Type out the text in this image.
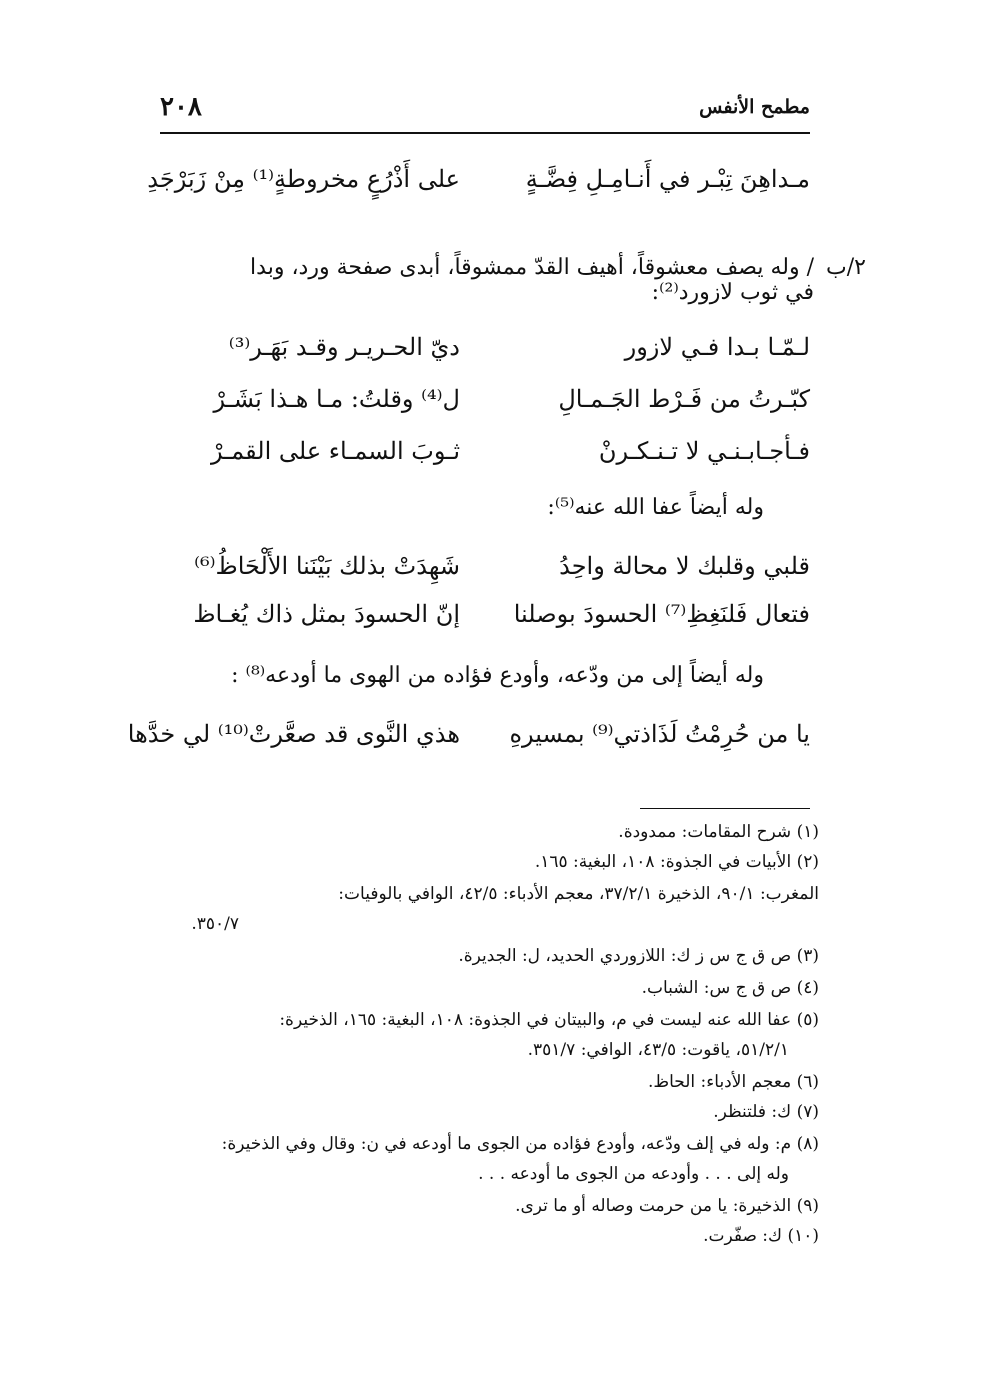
٢٠٨	مطمح الأنفس
مـداهِنَ تِبْـر في أَنـامِـلِ فِضَّـةٍ
على أَذْرُعٍ مخروطةٍ⁽¹⁾ مِنْ زَبَرْجَدِ
٢/ب
/ وله يصف معشوقاً، أهيف القدّ ممشوقاً، أبدى صفحة ورد، وبدا
في ثوب لازورد⁽²⁾:
لـمّـا بـدا فـي لازور
ديّ الحـريـر وقـد بَهَـر⁽³⁾
كبّـرتُ من فَـرْط الجَـمـالِ
ل⁽⁴⁾ وقلتُ: مـا هـذا بَشَـرْ
فـأجـابـنـي لا تـنـكـرنْ
ثـوبَ السمـاء على القمـرْ
وله أيضاً عفا الله عنه⁽⁵⁾:
قلبي وقلبك لا محالة واحِدُ
شَهِدَتْ بذلك بَيْنَنا الأَلْحَاظُ⁽⁶⁾
فتعال فَلنَغِظِ⁽⁷⁾ الحسودَ بوصلنا
إنّ الحسودَ بمثل ذاك يُغـاظ
وله أيضاً إلى من ودّعه، وأودع فؤاده من الهوى ما أودعه⁽⁸⁾ :
يا من حُرِمْتُ لَذَاذتي⁽⁹⁾ بمسيرهِ
هذي النَّوى قد صعَّرتْ⁽¹⁰⁾ لي خدَّها
(١) شرح المقامات: ممدودة.
(٢) الأبيات في الجذوة: ١٠٨، البغية: ١٦٥.
المغرب: ٩٠/١، الذخيرة ٣٧/٢/١، معجم الأدباء: ٤٢/٥، الوافي بالوفيات:
٣٥٠/٧.
(٣) ص ق ج س ز ك: اللازوردي الحديد، ل: الجديرة.
(٤) ص ق ج س: الشباب.
(٥) عفا الله عنه ليست في م، والبيتان في الجذوة: ١٠٨، البغية: ١٦٥، الذخيرة:
٥١/٢/١، ياقوت: ٤٣/٥، الوافي: ٣٥١/٧.
(٦) معجم الأدباء: الحاظ.
(٧) ك: فلتنظر.
(٨) م: وله في إلف ودّعه، وأودع فؤاده من الجوى ما أودعه في ن: وقال وفي الذخيرة:
وله إلى . . . وأودعه من الجوى ما أودعه . . .
(٩) الذخيرة: يا من حرمت وصاله أو ما ترى.
(١٠) ك: صفّرت.
